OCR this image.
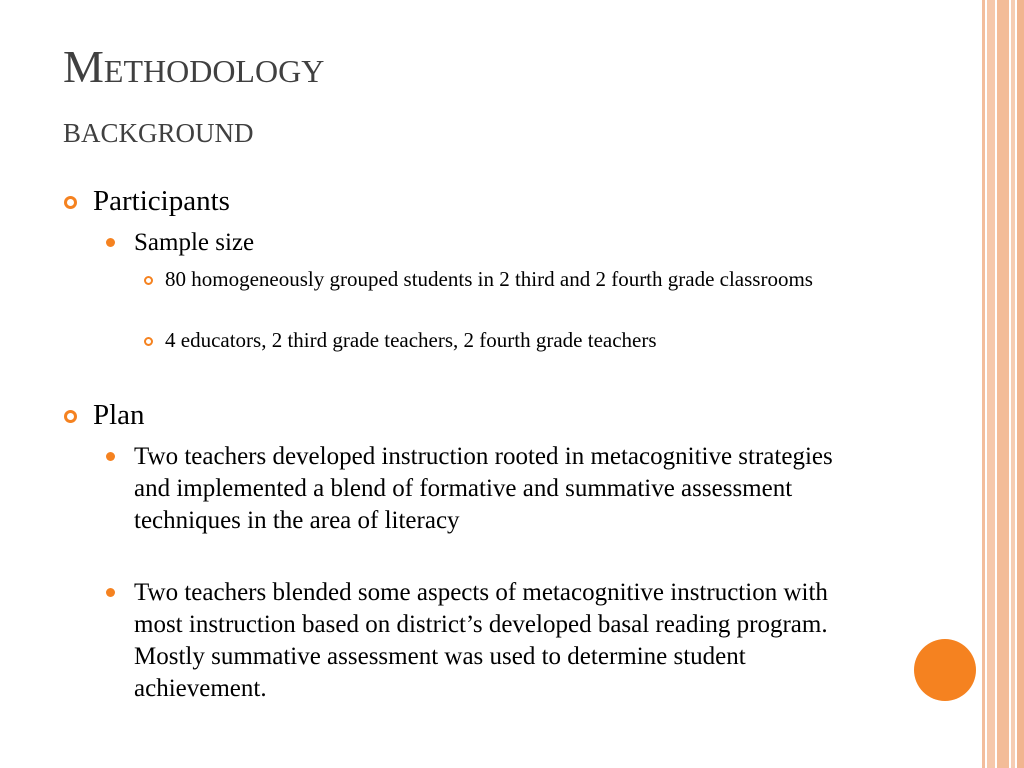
Methodology
background
Participants
Sample size
80 homogeneously grouped students in 2 third and 2 fourth grade classrooms
4 educators, 2 third grade teachers, 2 fourth grade teachers
Plan
Two teachers developed instruction rooted in metacognitive strategies and implemented a blend of formative and summative assessment techniques in the area of literacy
Two teachers blended some aspects of metacognitive instruction with most instruction based on district’s developed basal reading program. Mostly summative assessment was used to determine student achievement.
